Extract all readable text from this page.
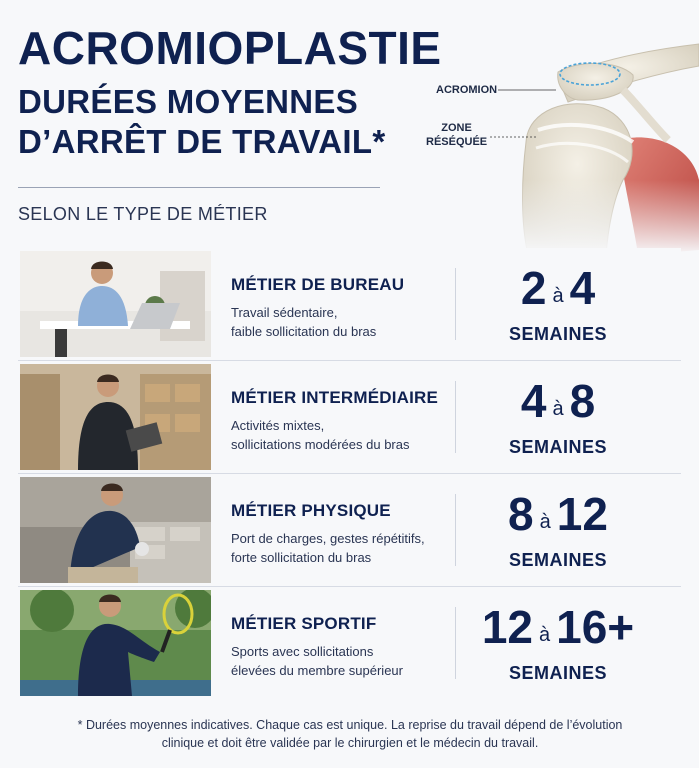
ACROMIOPLASTIE
DURÉES MOYENNES
D’ARRÊT DE TRAVAIL*
SELON LE TYPE DE MÉTIER
ACROMION
ZONE
RÉSÉQUÉE
MÉTIER DE BUREAU
Travail sédentaire,
faible sollicitation du bras
2 à 4
SEMAINES
MÉTIER INTERMÉDIAIRE
Activités mixtes,
sollicitations modérées du bras
4 à 8
SEMAINES
MÉTIER PHYSIQUE
Port de charges, gestes répétitifs,
forte sollicitation du bras
8 à 12
SEMAINES
MÉTIER SPORTIF
Sports avec sollicitations
élevées du membre supérieur
12 à 16+
SEMAINES
* Durées moyennes indicatives. Chaque cas est unique. La reprise du travail dépend de l’évolution
clinique et doit être validée par le chirurgien et le médecin du travail.
